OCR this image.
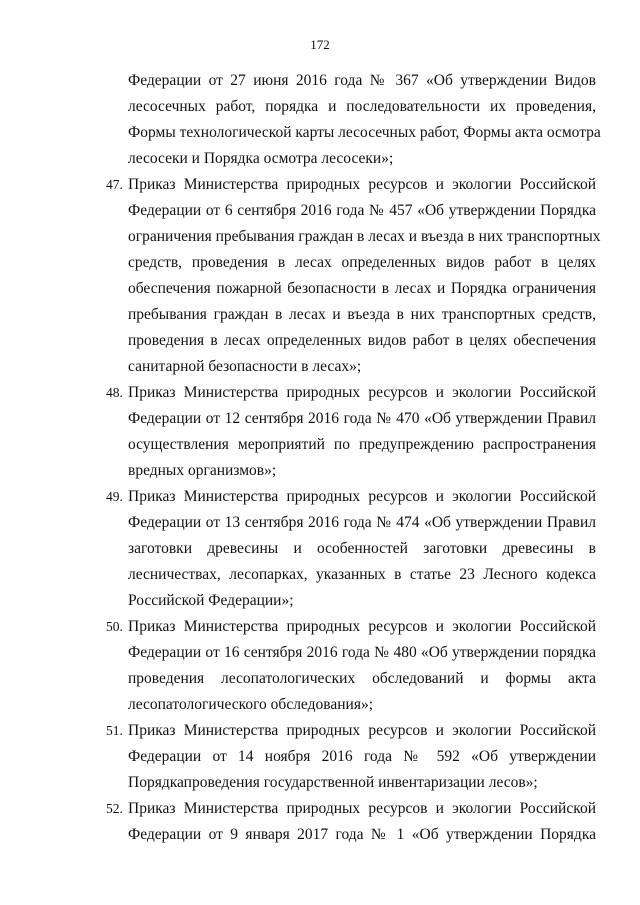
172
Федерации от 27 июня 2016 года № 367 «Об утверждении Видов
лесосечных работ, порядка и последовательности их проведения,
Формы технологической карты лесосечных работ, Формы акта осмотра
лесосеки и Порядка осмотра лесосеки»;
47. Приказ Министерства природных ресурсов и экологии Российской
Федерации от 6 сентября 2016 года № 457 «Об утверждении Порядка
ограничения пребывания граждан в лесах и въезда в них транспортных
средств, проведения в лесах определенных видов работ в целях
обеспечения пожарной безопасности в лесах и Порядка ограничения
пребывания граждан в лесах и въезда в них транспортных средств,
проведения в лесах определенных видов работ в целях обеспечения
санитарной безопасности в лесах»;
48. Приказ Министерства природных ресурсов и экологии Российской
Федерации от 12 сентября 2016 года № 470 «Об утверждении Правил
осуществления мероприятий по предупреждению распространения
вредных организмов»;
49. Приказ Министерства природных ресурсов и экологии Российской
Федерации от 13 сентября 2016 года № 474 «Об утверждении Правил
заготовки древесины и особенностей заготовки древесины в
лесничествах, лесопарках, указанных в статье 23 Лесного кодекса
Российской Федерации»;
50. Приказ Министерства природных ресурсов и экологии Российской
Федерации от 16 сентября 2016 года № 480 «Об утверждении порядка
проведения лесопатологических обследований и формы акта
лесопатологического обследования»;
51. Приказ Министерства природных ресурсов и экологии Российской
Федерации от 14 ноября 2016 года № 592 «Об утверждении
Порядкапроведения государственной инвентаризации лесов»;
52. Приказ Министерства природных ресурсов и экологии Российской
Федерации от 9 января 2017 года № 1 «Об утверждении Порядка
